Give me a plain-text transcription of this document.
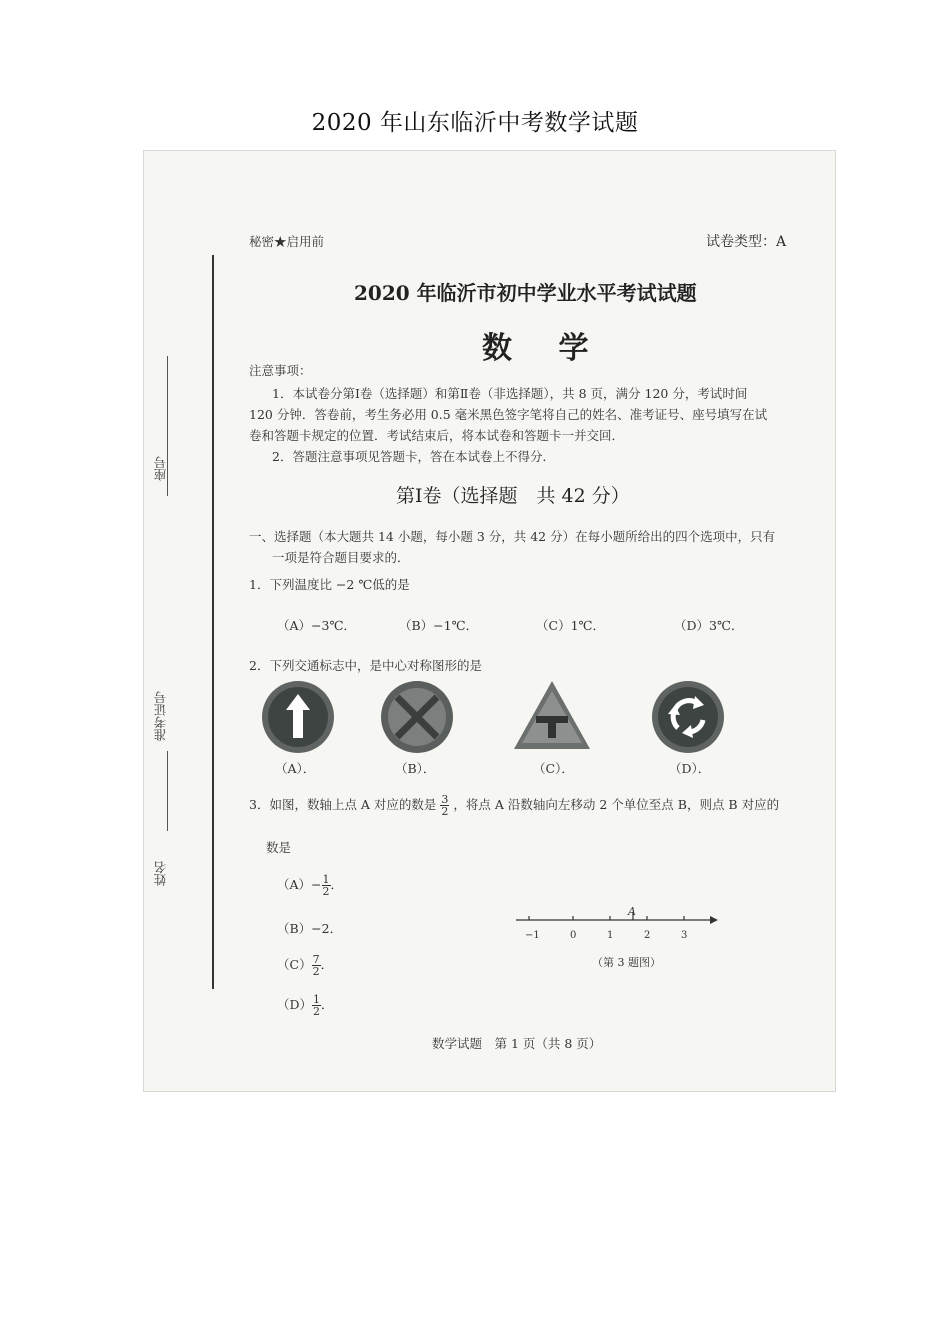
2020 年山东临沂中考数学试题
座号
准考证号
姓名
秘密★启用前	试卷类型：A
2020 年临沂市初中学业水平考试试题
数 学
注意事项：
1．本试卷分第Ⅰ卷（选择题）和第Ⅱ卷（非选择题），共 8 页，满分 120 分，考试时间
120 分钟．答卷前，考生务必用 0.5 毫米黑色签字笔将自己的姓名、准考证号、座号填写在试
卷和答题卡规定的位置．考试结束后，将本试卷和答题卡一并交回．
2．答题注意事项见答题卡，答在本试卷上不得分．
第Ⅰ卷（选择题　共 42 分）
一、选择题（本大题共 14 小题，每小题 3 分，共 42 分）在每小题所给出的四个选项中，只有
一项是符合题目要求的．
1．下列温度比 −2 ℃低的是
（A）−3℃．	（B）−1℃．	（C）1℃．	（D）3℃．
2．下列交通标志中，是中心对称图形的是
（A）．	（B）．	（C）．	（D）．
3．如图，数轴上点 A 对应的数是 $\frac{3}{2}$ ，将点 A 沿数轴向左移动 2 个单位至点 B，则点 B 对应的
数是
$(A)- \frac{1}{2}$ ．
（B）−2．
$(C) \frac{7}{2}$ ．
$(D) \frac{1}{2}$ ．
A
−1	0	1	2	3
（第 3 题图）
数学试题　第 1 页（共 8 页）
